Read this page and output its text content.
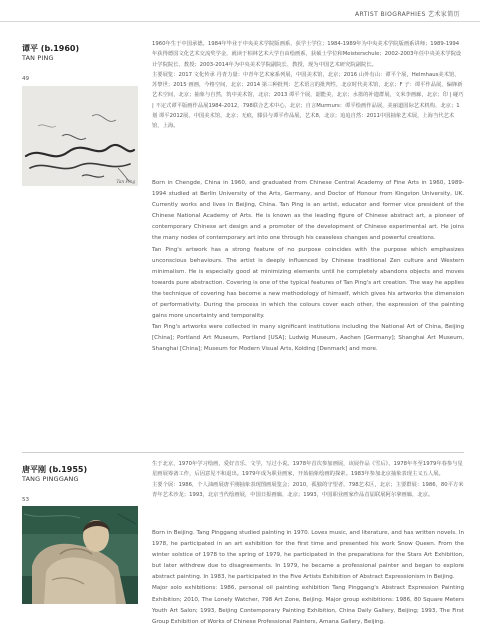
ARTIST BIOGRAPHIES 艺术家简历
谭平 (b.1960)
TAN PING
49
Tan Ping

1960年生于中国承德。1984年毕业于中央美术学院版画系，获学士学位；1984-1989年为中央美术学院版画系讲师；1989-1994年获得德国文化艺术交流奖学金，就读于柏林艺术大学自由绘画系，获硕士学位和Meisterschule；2002-2003年任中央美术学院设计学院院长、教授；2003-2014年为中央美术学院副院长、教授，现为中国艺术研究院副院长。

主要展览：2017 文化传承 丹青力量：中青年艺术家系列展，中国美术馆，北京；2016 山外有山：谭平个展，Helmhaus美术馆，苏黎世；2015 画画，今格空间，北京；2014 第三种批判：艺术语言的批判性，北京时代美术馆，北京；F 子：谭平作品展，偏锋新艺术空间，北京；抽象与自然，筑中美术馆，北京；2013 谭平个展，韶能美，北京；水墨的补遗群展，文米李画廊，北京；印 | 碰巧 | 不定式谭平版画作品展1984-2012，798联合艺术中心，北京；自言Murmurs：谭平绘画作品展，美丽道国际艺术机构，北京；1划 谭平2012展，中国美术馆，北京；无痕，滕县与谭平作品展，艺术8，北京；追追自然：2011中国抽象艺术展，上海当代艺术馆，上海。

Born in Chengde, China in 1960, and graduated from Chinese Central Academy of Fine Arts in 1960, 1989-1994 studied at Berlin University of the Arts, Germany, and Doctor of Honour from Kingston University, UK. Currently works and lives in Beijing, China. Tan Ping is an artist, educator and former vice president of the Chinese National Academy of Arts. He is known as the leading figure of Chinese abstract art, a pioneer of contemporary Chinese art design and a promoter of the development of Chinese experimental art. He joins the many nodes of contemporary art into one through his ceaseless changes and powerful creations.

Tan Ping's artwork has a strong feature of no purpose coincides with the purpose which emphasizes unconscious behaviours. The artist is deeply influenced by Chinese traditional Zen culture and Western minimalism. He is especially good at minimizing elements until he completely abandons objects and moves towards pure abstraction. Covering is one of the typical features of Tan Ping's art creation. The way he applies the technique of covering has become a new methodology of himself, which gives his artworks the dimension of performativity. During the process in which the colours cover each other, the expression of the painting gains more uncertainty and temporality.

Tan Ping's artworks were collected in many significant institutions including the National Art of China, Beijing [China]; Portland Art Museum, Portland [USA]; Ludwig Museum, Aachen [Germany]; Shanghai Art Museum, Shanghai [China]; Museum for Modern Visual Arts, Kolding [Denmark] and more.

唐平刚 (b.1955)
TANG PINGGANG
53

生于北京，1970年学习绘画，爱好音乐、文学，写过小说。1978年首次参加画展，该展作品《雪后》，1978年冬至1979年春参与星星画展筹备工作，后因意见不和退出。1979年成为职业画家，开始抽象绘画的探索。1983年参加北京抽象表现主义五人展。

主要个展：1986，个人油画展唐平刚抽象表现图画展览会；2010，孤独的守望者，798艺术区，北京；主要群展：1986，80平方米青年艺术沙龙；1993，北京当代绘画展，中国日报画廊，北京；1993，中国职业画家作品首届联展阿尔拿画廊，北京。

Born in Beijing. Tang Pinggang studied painting in 1970. Loves music, and literature, and has written novels. In 1978, he participated in an art exhibition for the first time and presented his work Snow Queen. From the winter solstice of 1978 to the spring of 1979, he participated in the preparations for the Stars Art Exhibition, but later withdrew due to disagreements. In 1979, he became a professional painter and began to explore abstract painting. In 1983, he participated in the Five Artists Exhibition of Abstract Expressionism in Beijing.

Major solo exhibitions: 1986, personal oil painting exhibition Tang Pinggang's Abstract Expression Painting Exhibition; 2010, The Lonely Watcher, 798 Art Zone, Beijing. Major group exhibitions: 1986, 80 Square Meters Youth Art Salon; 1993, Beijing Contemporary Painting Exhibition, China Daily Gallery, Beijing; 1993, The First Group Exhibition of Works of Chinese Professional Painters, Amana Gallery, Beijing.
